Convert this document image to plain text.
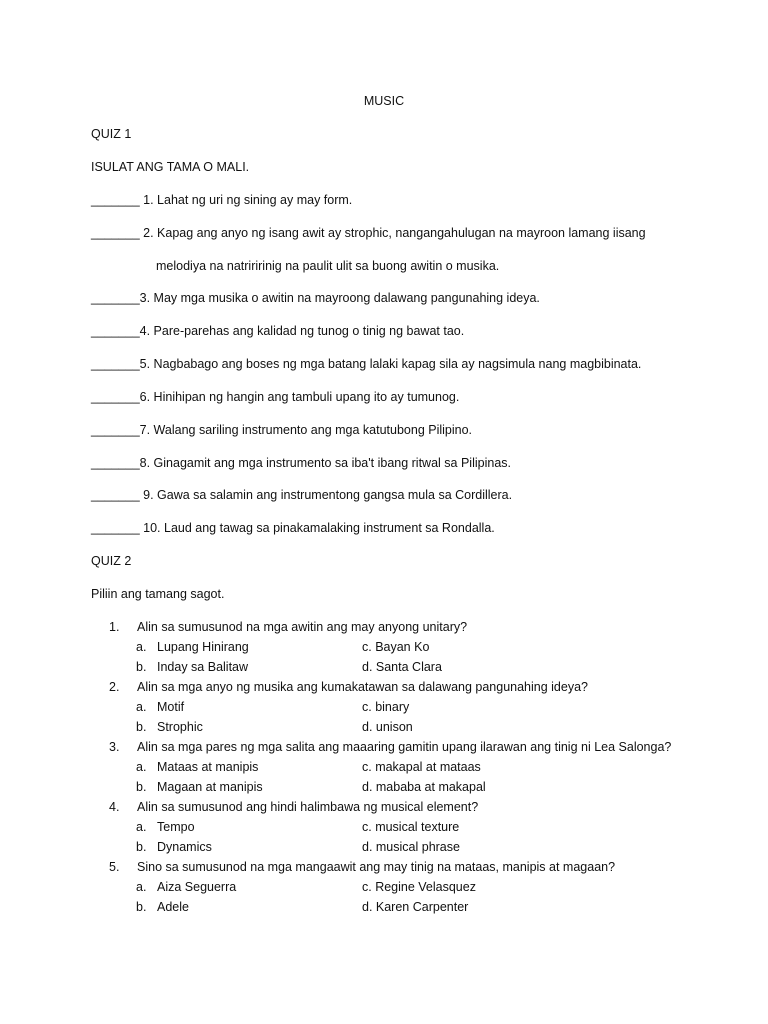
MUSIC
QUIZ 1
ISULAT ANG TAMA O MALI.
_______ 1. Lahat ng uri ng sining ay may form.
_______ 2. Kapag ang anyo ng isang awit ay strophic, nangangahulugan na mayroon lamang iisang
melodiya na natriririnig na paulit ulit sa buong awitin o musika.
_______3. May mga musika o awitin na mayroong dalawang pangunahing ideya.
_______4. Pare-parehas ang kalidad ng tunog o tinig ng bawat tao.
_______5. Nagbabago ang boses ng mga batang lalaki kapag sila ay nagsimula nang magbibinata.
_______6. Hinihipan ng hangin ang tambuli upang ito ay tumunog.
_______7. Walang sariling instrumento ang mga katutubong Pilipino.
_______8. Ginagamit ang mga instrumento sa iba't ibang ritwal sa Pilipinas.
_______ 9. Gawa sa salamin ang instrumentong gangsa mula sa Cordillera.
_______ 10. Laud ang tawag sa pinakamalaking instrument sa Rondalla.
QUIZ 2
Piliin ang tamang sagot.
1. Alin sa sumusunod na mga awitin ang may anyong unitary?
a. Lupang Hinirang	c. Bayan Ko
b. Inday sa Balitaw	d. Santa Clara
2. Alin sa mga anyo ng musika ang kumakatawan sa dalawang pangunahing ideya?
a. Motif	c. binary
b. Strophic	d. unison
3. Alin sa mga pares ng mga salita ang maaaring gamitin upang ilarawan ang tinig ni Lea Salonga?
a. Mataas at manipis	c. makapal at mataas
b. Magaan at manipis	d. mababa at makapal
4. Alin sa sumusunod ang hindi halimbawa ng musical element?
a. Tempo	c. musical texture
b. Dynamics	d. musical phrase
5. Sino sa sumusunod na mga mangaawit ang may tinig na mataas, manipis at magaan?
a. Aiza Seguerra	c. Regine Velasquez
b. Adele	d. Karen Carpenter
